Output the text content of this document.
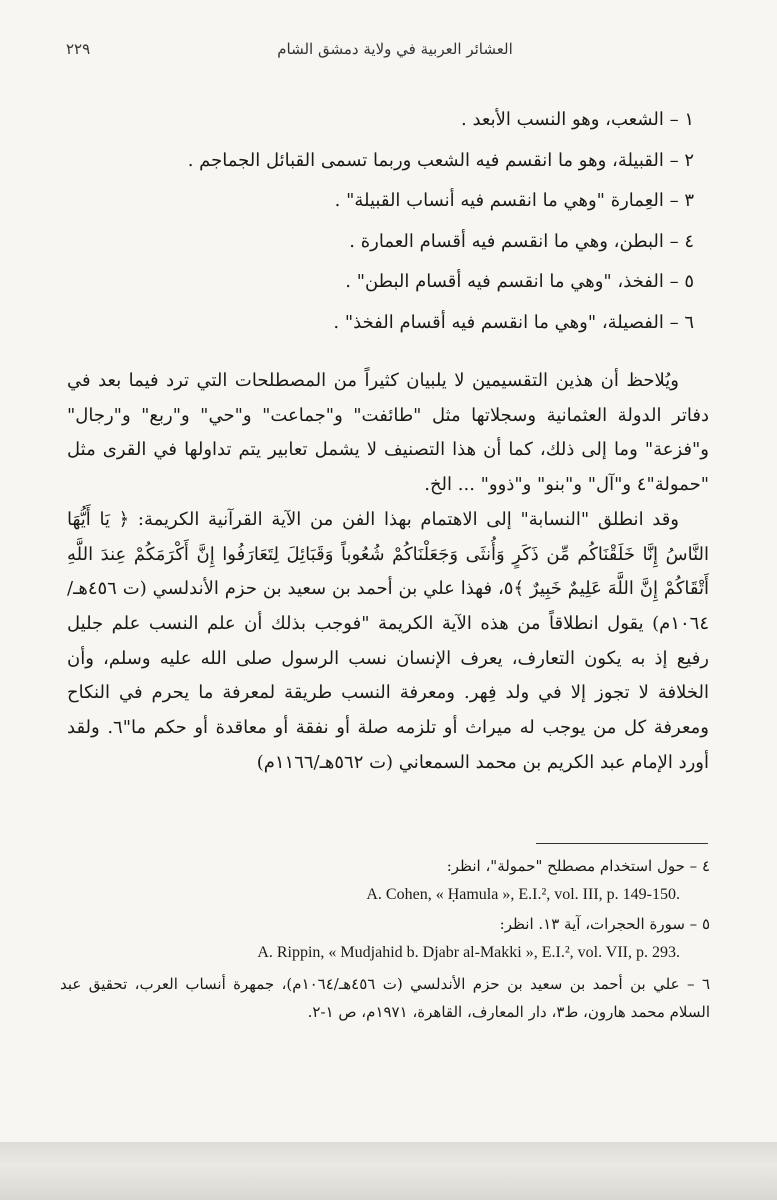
العشائر العربية في ولاية دمشق الشام
٢٢٩
١ – الشعب، وهو النسب الأبعد .
٢ – القبيلة، وهو ما انقسم فيه الشعب وربما تسمى القبائل الجماجم .
٣ – العِمارة "وهي ما انقسم فيه أنساب القبيلة" .
٤ – البطن، وهي ما انقسم فيه أقسام العمارة .
٥ – الفخذ، "وهي ما انقسم فيه أقسام البطن" .
٦ – الفصيلة، "وهي ما انقسم فيه أقسام الفخذ" .

ويُلاحظ أن هذين التقسيمين لا يلبيان كثيراً من المصطلحات التي ترد فيما بعد في دفاتر الدولة العثمانية وسجلاتها مثل "طائفت" و"جماعت" و"حي" و"ربع" و"رجال" و"فزعة" وما إلى ذلك، كما أن هذا التصنيف لا يشمل تعابير يتم تداولها في القرى مثل "حمولة"٤ و"آل" و"بنو" و"ذوو" ... الخ.

وقد انطلق "النسابة" إلى الاهتمام بهذا الفن من الآية القرآنية الكريمة: ﴿ يَا أَيُّهَا النَّاسُ إِنَّا خَلَقْنَاكُم مِّن ذَكَرٍ وَأُنثَى وَجَعَلْنَاكُمْ شُعُوباً وَقَبَائِلَ لِتَعَارَفُوا إِنَّ أَكْرَمَكُمْ عِندَ اللَّهِ أَتْقَاكُمْ إِنَّ اللَّهَ عَلِيمٌ خَبِيرٌ ﴾٥، فهذا علي بن أحمد بن سعيد بن حزم الأندلسي (ت ٤٥٦هـ/١٠٦٤م) يقول انطلاقاً من هذه الآية الكريمة "فوجب بذلك أن علم النسب علم جليل رفيع إذ به يكون التعارف، يعرف الإنسان نسب الرسول صلى الله عليه وسلم، وأن الخلافة لا تجوز إلا في ولد فِهر. ومعرفة النسب طريقة لمعرفة ما يحرم في النكاح ومعرفة كل من يوجب له ميراث أو تلزمه صلة أو نفقة أو معاقدة أو حكم ما"٦. ولقد أورد الإمام عبد الكريم بن محمد السمعاني (ت ٥٦٢هـ/١١٦٦م)

٤ – حول استخدام مصطلح "حمولة"، انظر:
A. Cohen, « Ḥamula », E.I.², vol. III, p. 149-150.
٥ – سورة الحجرات، آية ١٣. انظر:
A. Rippin, « Mudjahid b. Djabr al-Makki », E.I.², vol. VII, p. 293.
٦ – علي بن أحمد بن سعيد بن حزم الأندلسي (ت ٤٥٦هـ/١٠٦٤م)، جمهرة أنساب العرب، تحقيق عبد السلام محمد هارون، ط٣، دار المعارف، القاهرة، ١٩٧١م، ص ١-٢.
